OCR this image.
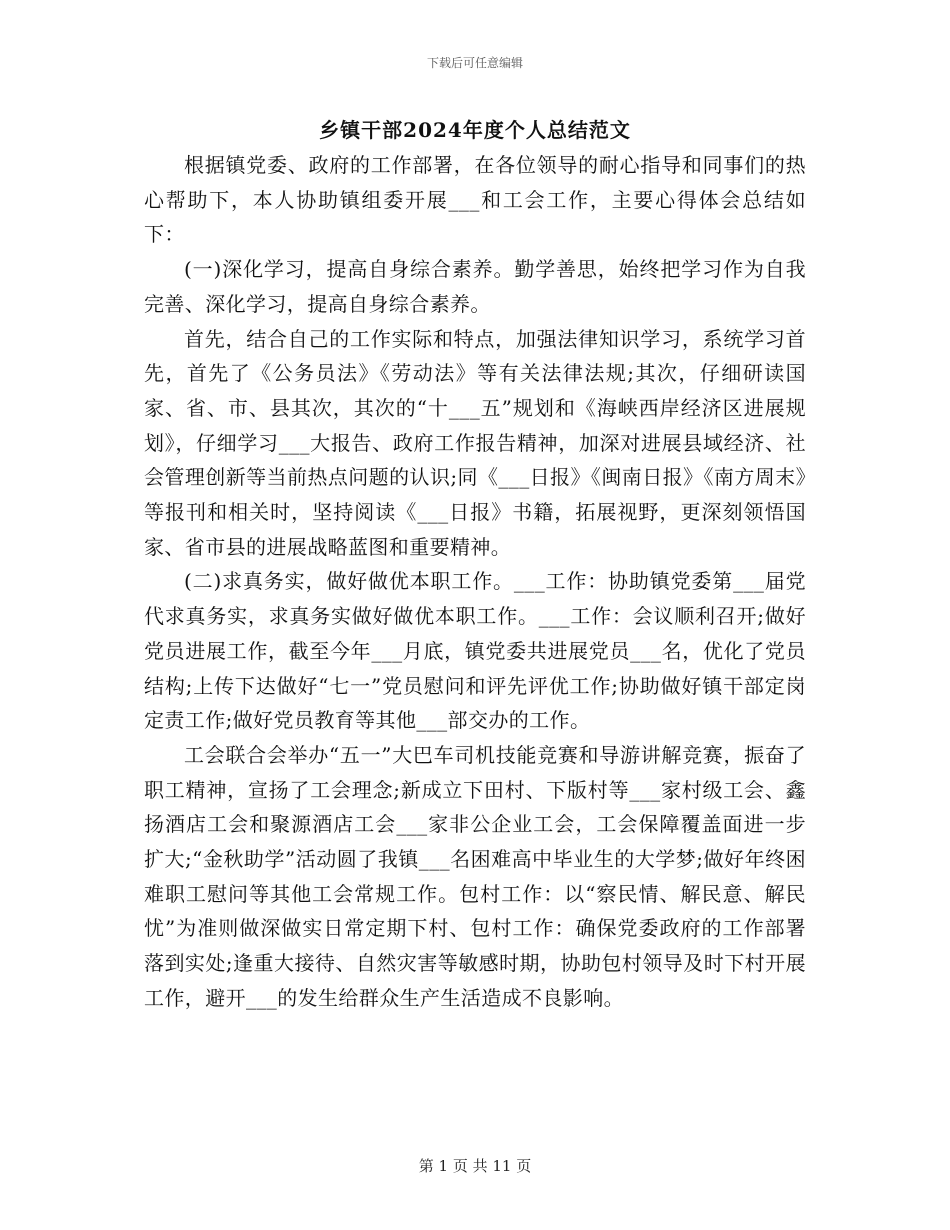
下载后可任意编辑
乡镇干部2024年度个人总结范文

根据镇党委、政府的工作部署，在各位领导的耐心指导和同事们的热心帮助下，本人协助镇组委开展___和工会工作，主要心得体会总结如下：

(一)深化学习，提高自身综合素养。勤学善思，始终把学习作为自我完善、深化学习，提高自身综合素养。

首先，结合自己的工作实际和特点，加强法律知识学习，系统学习首先，首先了《公务员法》《劳动法》等有关法律法规;其次，仔细研读国家、省、市、县其次，其次的“十___五”规划和《海峡西岸经济区进展规划》，仔细学习___大报告、政府工作报告精神，加深对进展县域经济、社会管理创新等当前热点问题的认识;同《___日报》《闽南日报》《南方周末》等报刊和相关时，坚持阅读《___日报》书籍，拓展视野，更深刻领悟国家、省市县的进展战略蓝图和重要精神。

(二)求真务实，做好做优本职工作。___工作：协助镇党委第___届党代求真务实，求真务实做好做优本职工作。___工作：会议顺利召开;做好党员进展工作，截至今年___月底，镇党委共进展党员___名，优化了党员结构;上传下达做好“七一”党员慰问和评先评优工作;协助做好镇干部定岗定责工作;做好党员教育等其他___部交办的工作。

工会联合会举办“五一”大巴车司机技能竞赛和导游讲解竞赛，振奋了职工精神，宣扬了工会理念;新成立下田村、下版村等___家村级工会、鑫扬酒店工会和聚源酒店工会___家非公企业工会，工会保障覆盖面进一步扩大;“金秋助学”活动圆了我镇___名困难高中毕业生的大学梦;做好年终困难职工慰问等其他工会常规工作。包村工作：以“察民情、解民意、解民忧”为准则做深做实日常定期下村、包村工作：确保党委政府的工作部署落到实处;逢重大接待、自然灾害等敏感时期，协助包村领导及时下村开展工作，避开___的发生给群众生产生活造成不良影响。

第 1 页 共 11 页
